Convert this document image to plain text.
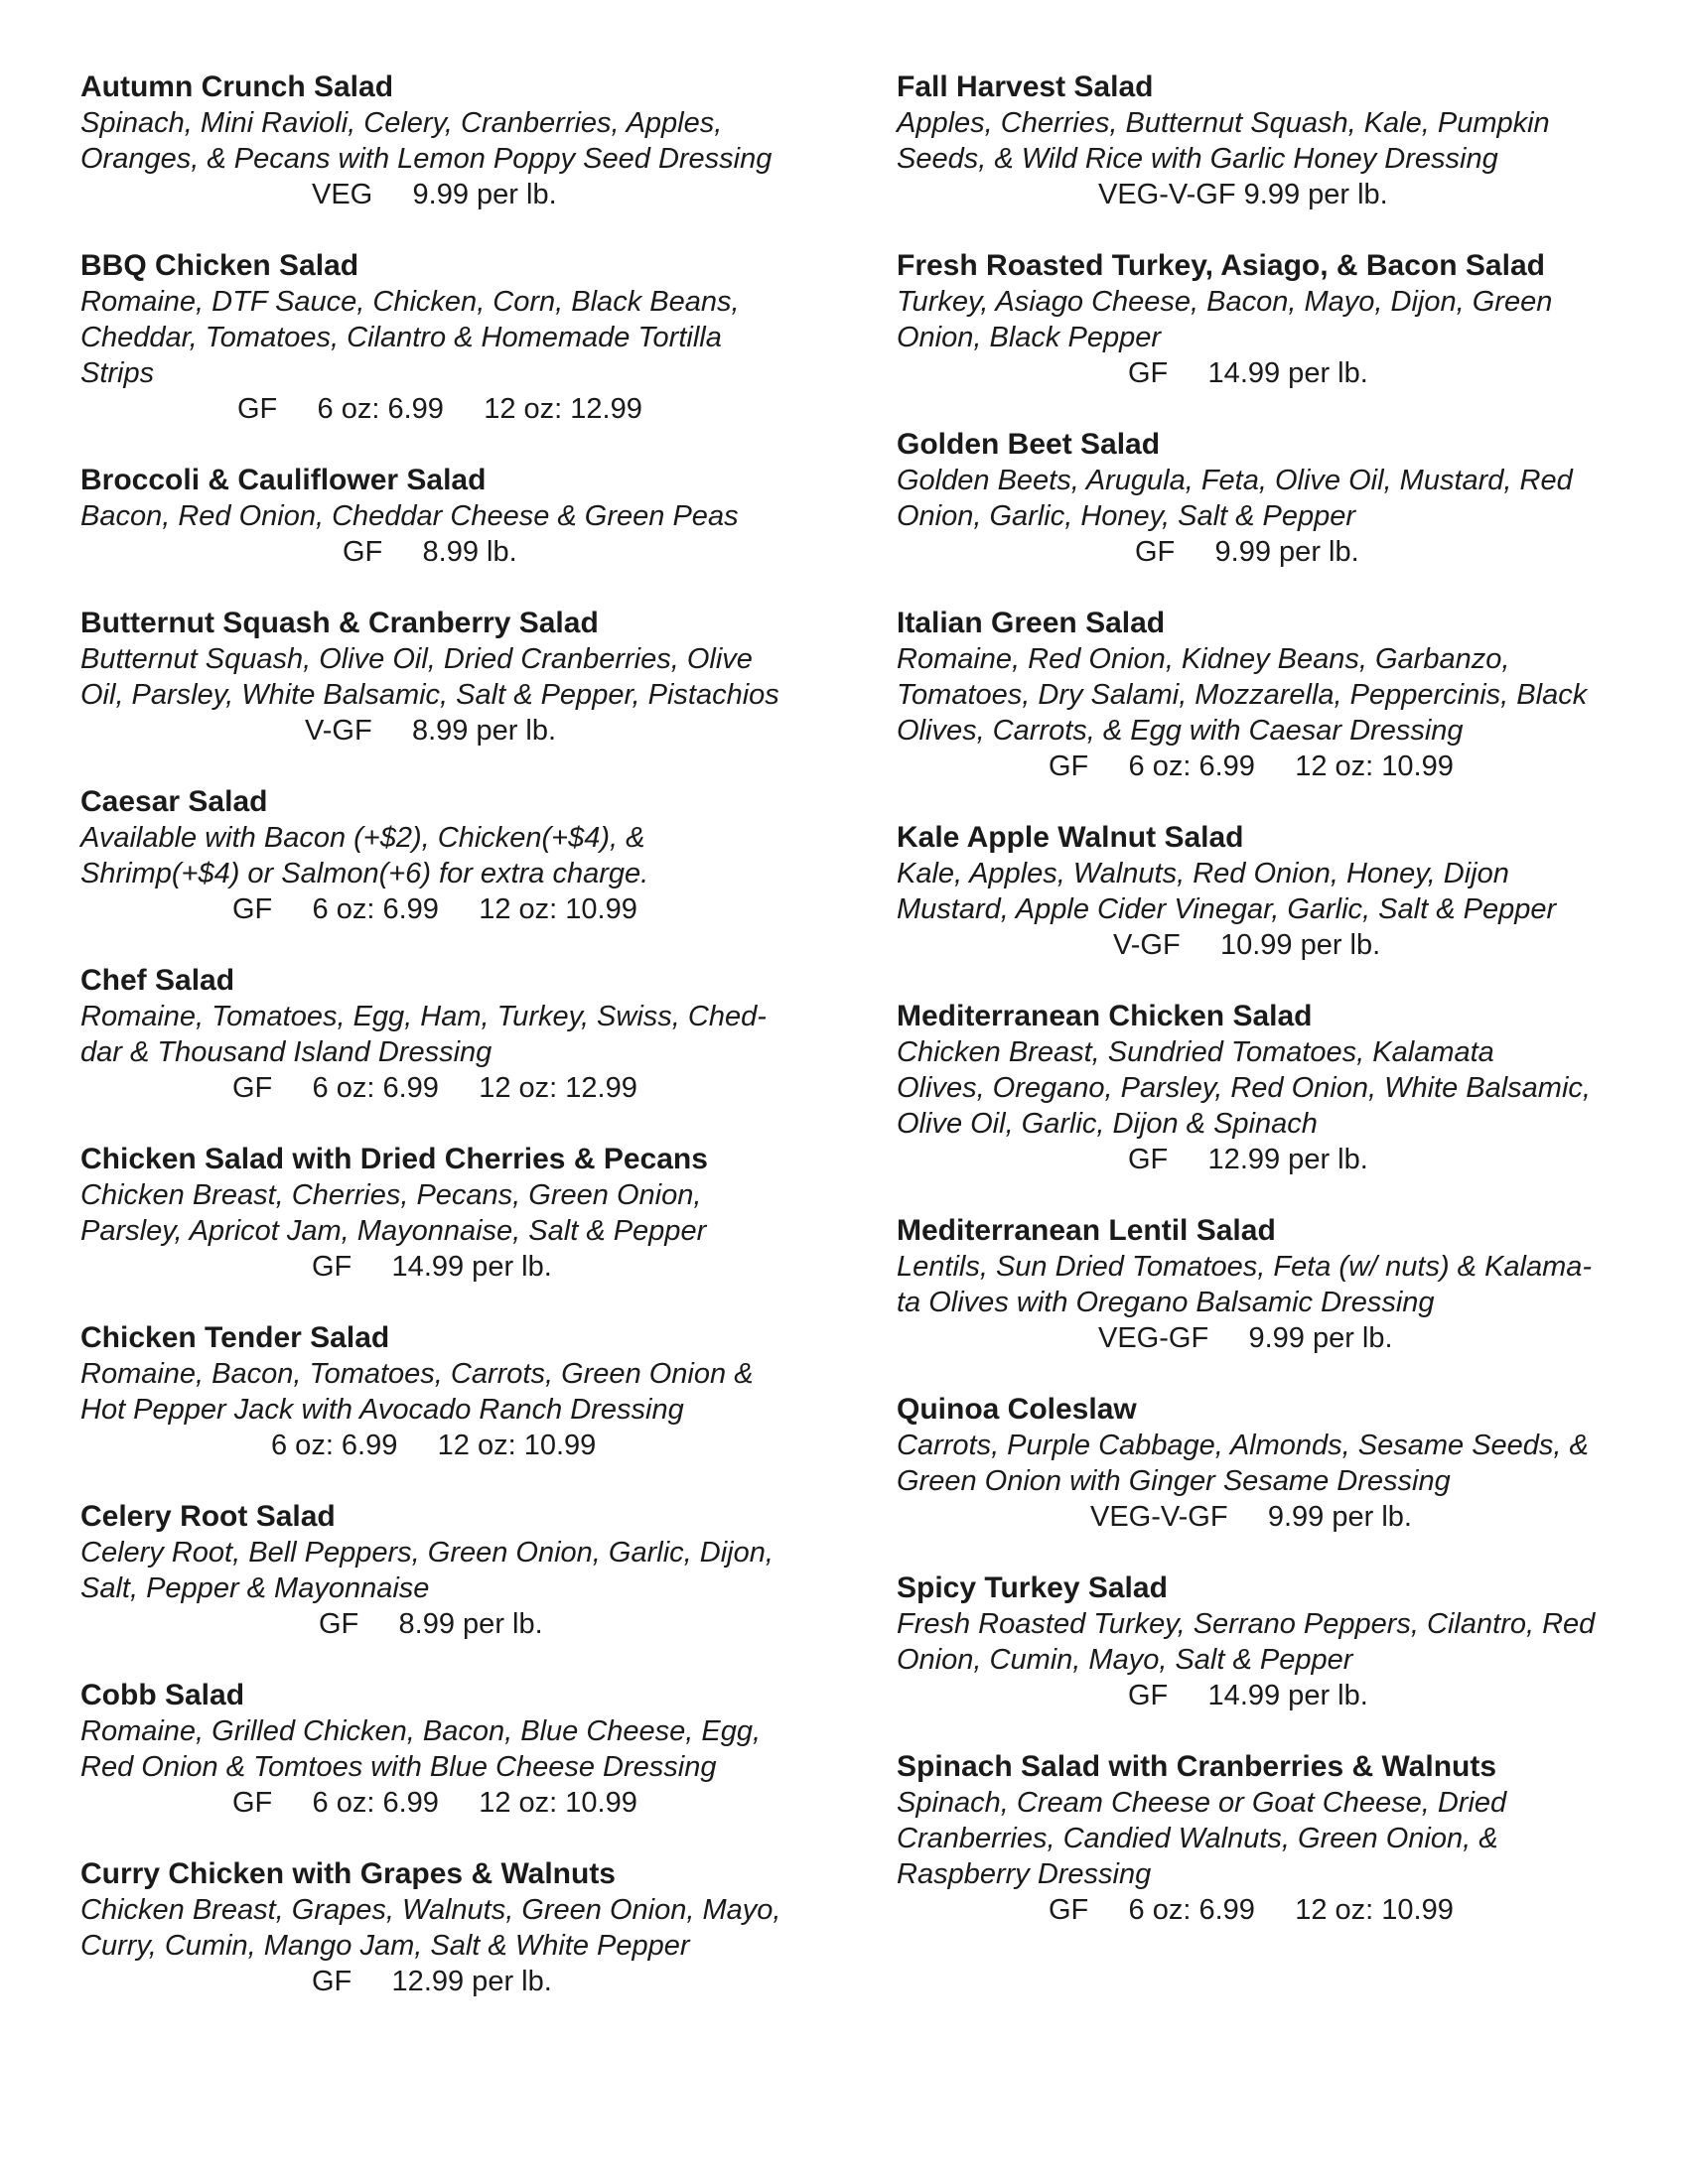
Autumn Crunch Salad
Spinach, Mini Ravioli, Celery, Cranberries, Apples,
Oranges, & Pecans with Lemon Poppy Seed Dressing
VEG     9.99 per lb.
BBQ Chicken Salad
Romaine, DTF Sauce, Chicken, Corn, Black Beans,
Cheddar, Tomatoes, Cilantro & Homemade Tortilla
Strips
GF     6 oz: 6.99     12 oz: 12.99
Broccoli & Cauliflower Salad
Bacon, Red Onion, Cheddar Cheese & Green Peas
GF     8.99 lb.
Butternut Squash & Cranberry Salad
Butternut Squash, Olive Oil, Dried Cranberries, Olive
Oil, Parsley, White Balsamic, Salt & Pepper, Pistachios
V-GF     8.99 per lb.
Caesar Salad
Available with Bacon (+$2), Chicken(+$4), &
Shrimp(+$4) or Salmon(+6) for extra charge.
GF     6 oz: 6.99     12 oz: 10.99
Chef Salad
Romaine, Tomatoes, Egg, Ham, Turkey, Swiss, Ched-
dar & Thousand Island Dressing
GF     6 oz: 6.99     12 oz: 12.99
Chicken Salad with Dried Cherries & Pecans
Chicken Breast, Cherries, Pecans, Green Onion,
Parsley, Apricot Jam, Mayonnaise, Salt & Pepper
GF     14.99 per lb.
Chicken Tender Salad
Romaine, Bacon, Tomatoes, Carrots, Green Onion &
Hot Pepper Jack with Avocado Ranch Dressing
6 oz: 6.99     12 oz: 10.99
Celery Root Salad
Celery Root, Bell Peppers, Green Onion, Garlic, Dijon,
Salt, Pepper & Mayonnaise
GF     8.99 per lb.
Cobb Salad
Romaine, Grilled Chicken, Bacon, Blue Cheese, Egg,
Red Onion & Tomtoes with Blue Cheese Dressing
GF     6 oz: 6.99     12 oz: 10.99
Curry Chicken with Grapes & Walnuts
Chicken Breast, Grapes, Walnuts, Green Onion, Mayo,
Curry, Cumin, Mango Jam, Salt & White Pepper
GF     12.99 per lb.
Fall Harvest Salad
Apples, Cherries, Butternut Squash, Kale, Pumpkin
Seeds, & Wild Rice with Garlic Honey Dressing
VEG-V-GF 9.99 per lb.
Fresh Roasted Turkey, Asiago, & Bacon Salad
Turkey, Asiago Cheese, Bacon, Mayo, Dijon, Green
Onion, Black Pepper
GF     14.99 per lb.
Golden Beet Salad
Golden Beets, Arugula, Feta, Olive Oil, Mustard, Red
Onion, Garlic, Honey, Salt & Pepper
GF     9.99 per lb.
Italian Green Salad
Romaine, Red Onion, Kidney Beans, Garbanzo,
Tomatoes, Dry Salami, Mozzarella, Peppercinis, Black
Olives, Carrots, & Egg with Caesar Dressing
GF     6 oz: 6.99     12 oz: 10.99
Kale Apple Walnut Salad
Kale, Apples, Walnuts, Red Onion, Honey, Dijon
Mustard, Apple Cider Vinegar, Garlic, Salt & Pepper
V-GF     10.99 per lb.
Mediterranean Chicken Salad
Chicken Breast, Sundried Tomatoes, Kalamata
Olives, Oregano, Parsley, Red Onion, White Balsamic,
Olive Oil, Garlic, Dijon & Spinach
GF     12.99 per lb.
Mediterranean Lentil Salad
Lentils, Sun Dried Tomatoes, Feta (w/ nuts) & Kalama-
ta Olives with Oregano Balsamic Dressing
VEG-GF     9.99 per lb.
Quinoa Coleslaw
Carrots, Purple Cabbage, Almonds, Sesame Seeds, &
Green Onion with Ginger Sesame Dressing
VEG-V-GF     9.99 per lb.
Spicy Turkey Salad
Fresh Roasted Turkey, Serrano Peppers, Cilantro, Red
Onion, Cumin, Mayo, Salt & Pepper
GF     14.99 per lb.
Spinach Salad with Cranberries & Walnuts
Spinach, Cream Cheese or Goat Cheese, Dried
Cranberries, Candied Walnuts, Green Onion, &
Raspberry Dressing
GF     6 oz: 6.99     12 oz: 10.99
